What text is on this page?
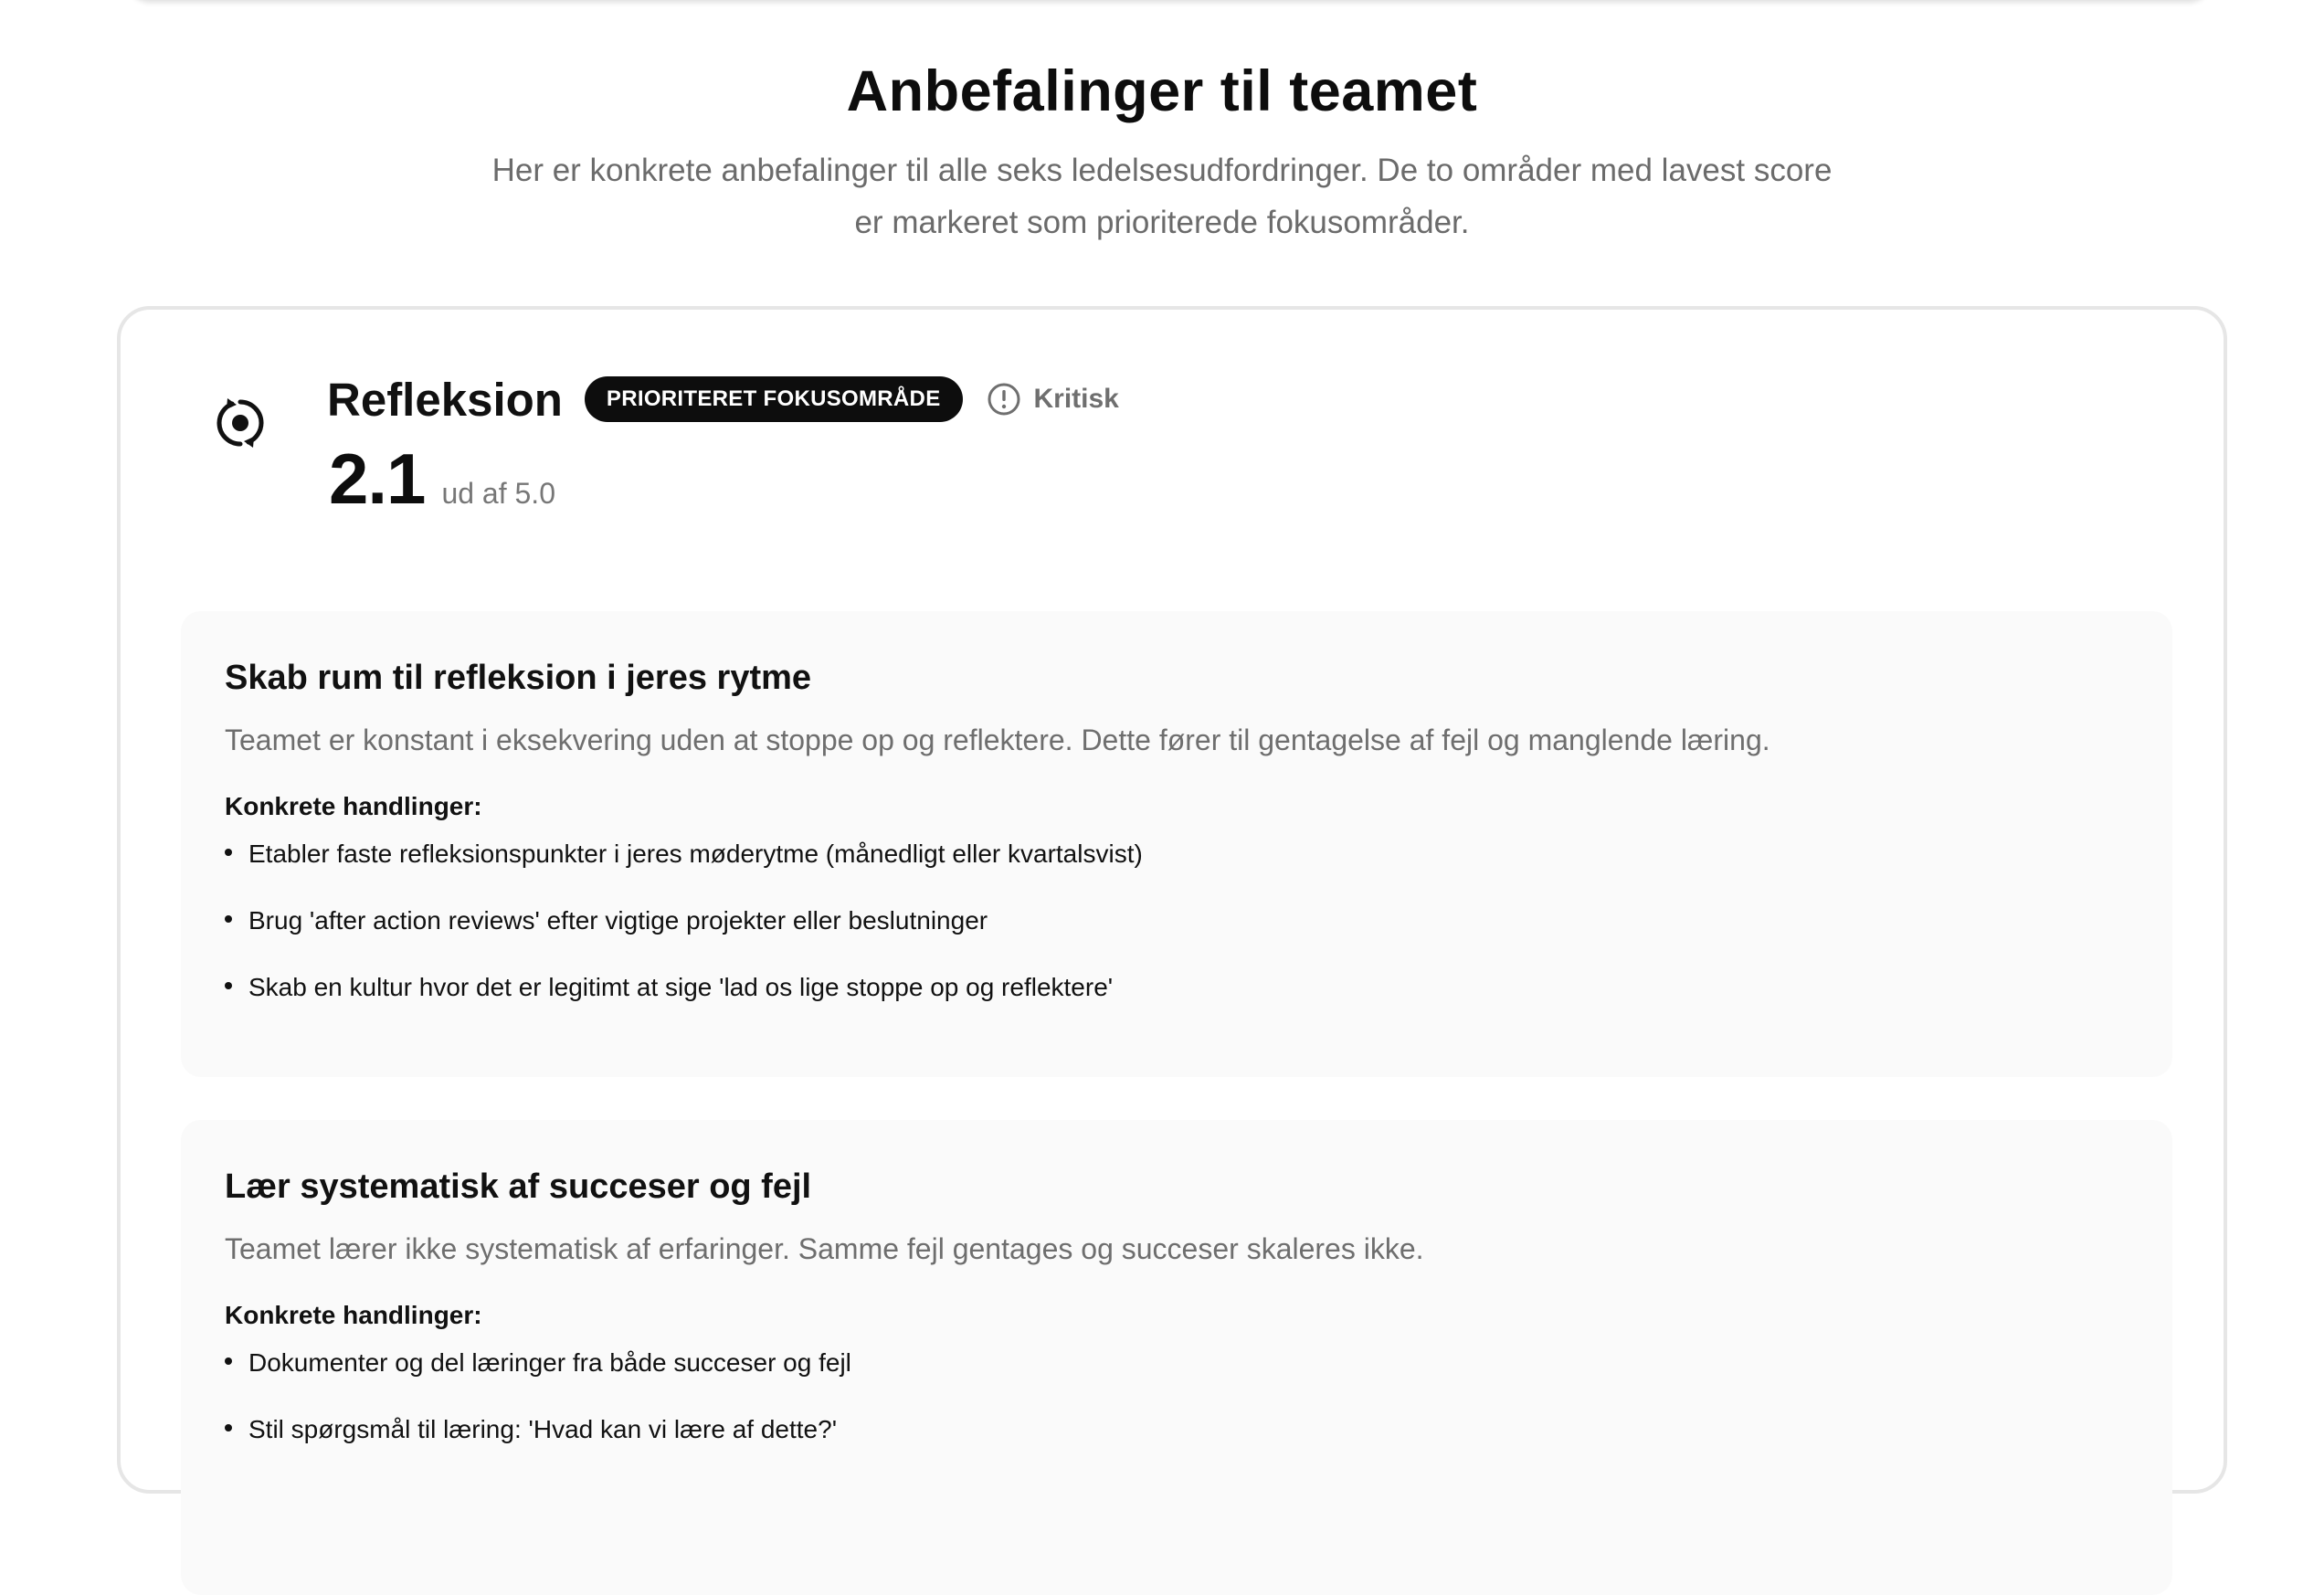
Anbefalinger til teamet
Her er konkrete anbefalinger til alle seks ledelsesudfordringer. De to områder med lavest score er markeret som prioriterede fokusområder.
Refleksion	PRIORITERET FOKUSOMRÅDE	Kritisk
2.1 ud af 5.0
Skab rum til refleksion i jeres rytme
Teamet er konstant i eksekvering uden at stoppe op og reflektere. Dette fører til gentagelse af fejl og manglende læring.
Konkrete handlinger:
Etabler faste refleksionspunkter i jeres møderytme (månedligt eller kvartalsvist)
Brug 'after action reviews' efter vigtige projekter eller beslutninger
Skab en kultur hvor det er legitimt at sige 'lad os lige stoppe op og reflektere'
Lær systematisk af succeser og fejl
Teamet lærer ikke systematisk af erfaringer. Samme fejl gentages og succeser skaleres ikke.
Konkrete handlinger:
Dokumenter og del læringer fra både succeser og fejl
Stil spørgsmål til læring: 'Hvad kan vi lære af dette?'
